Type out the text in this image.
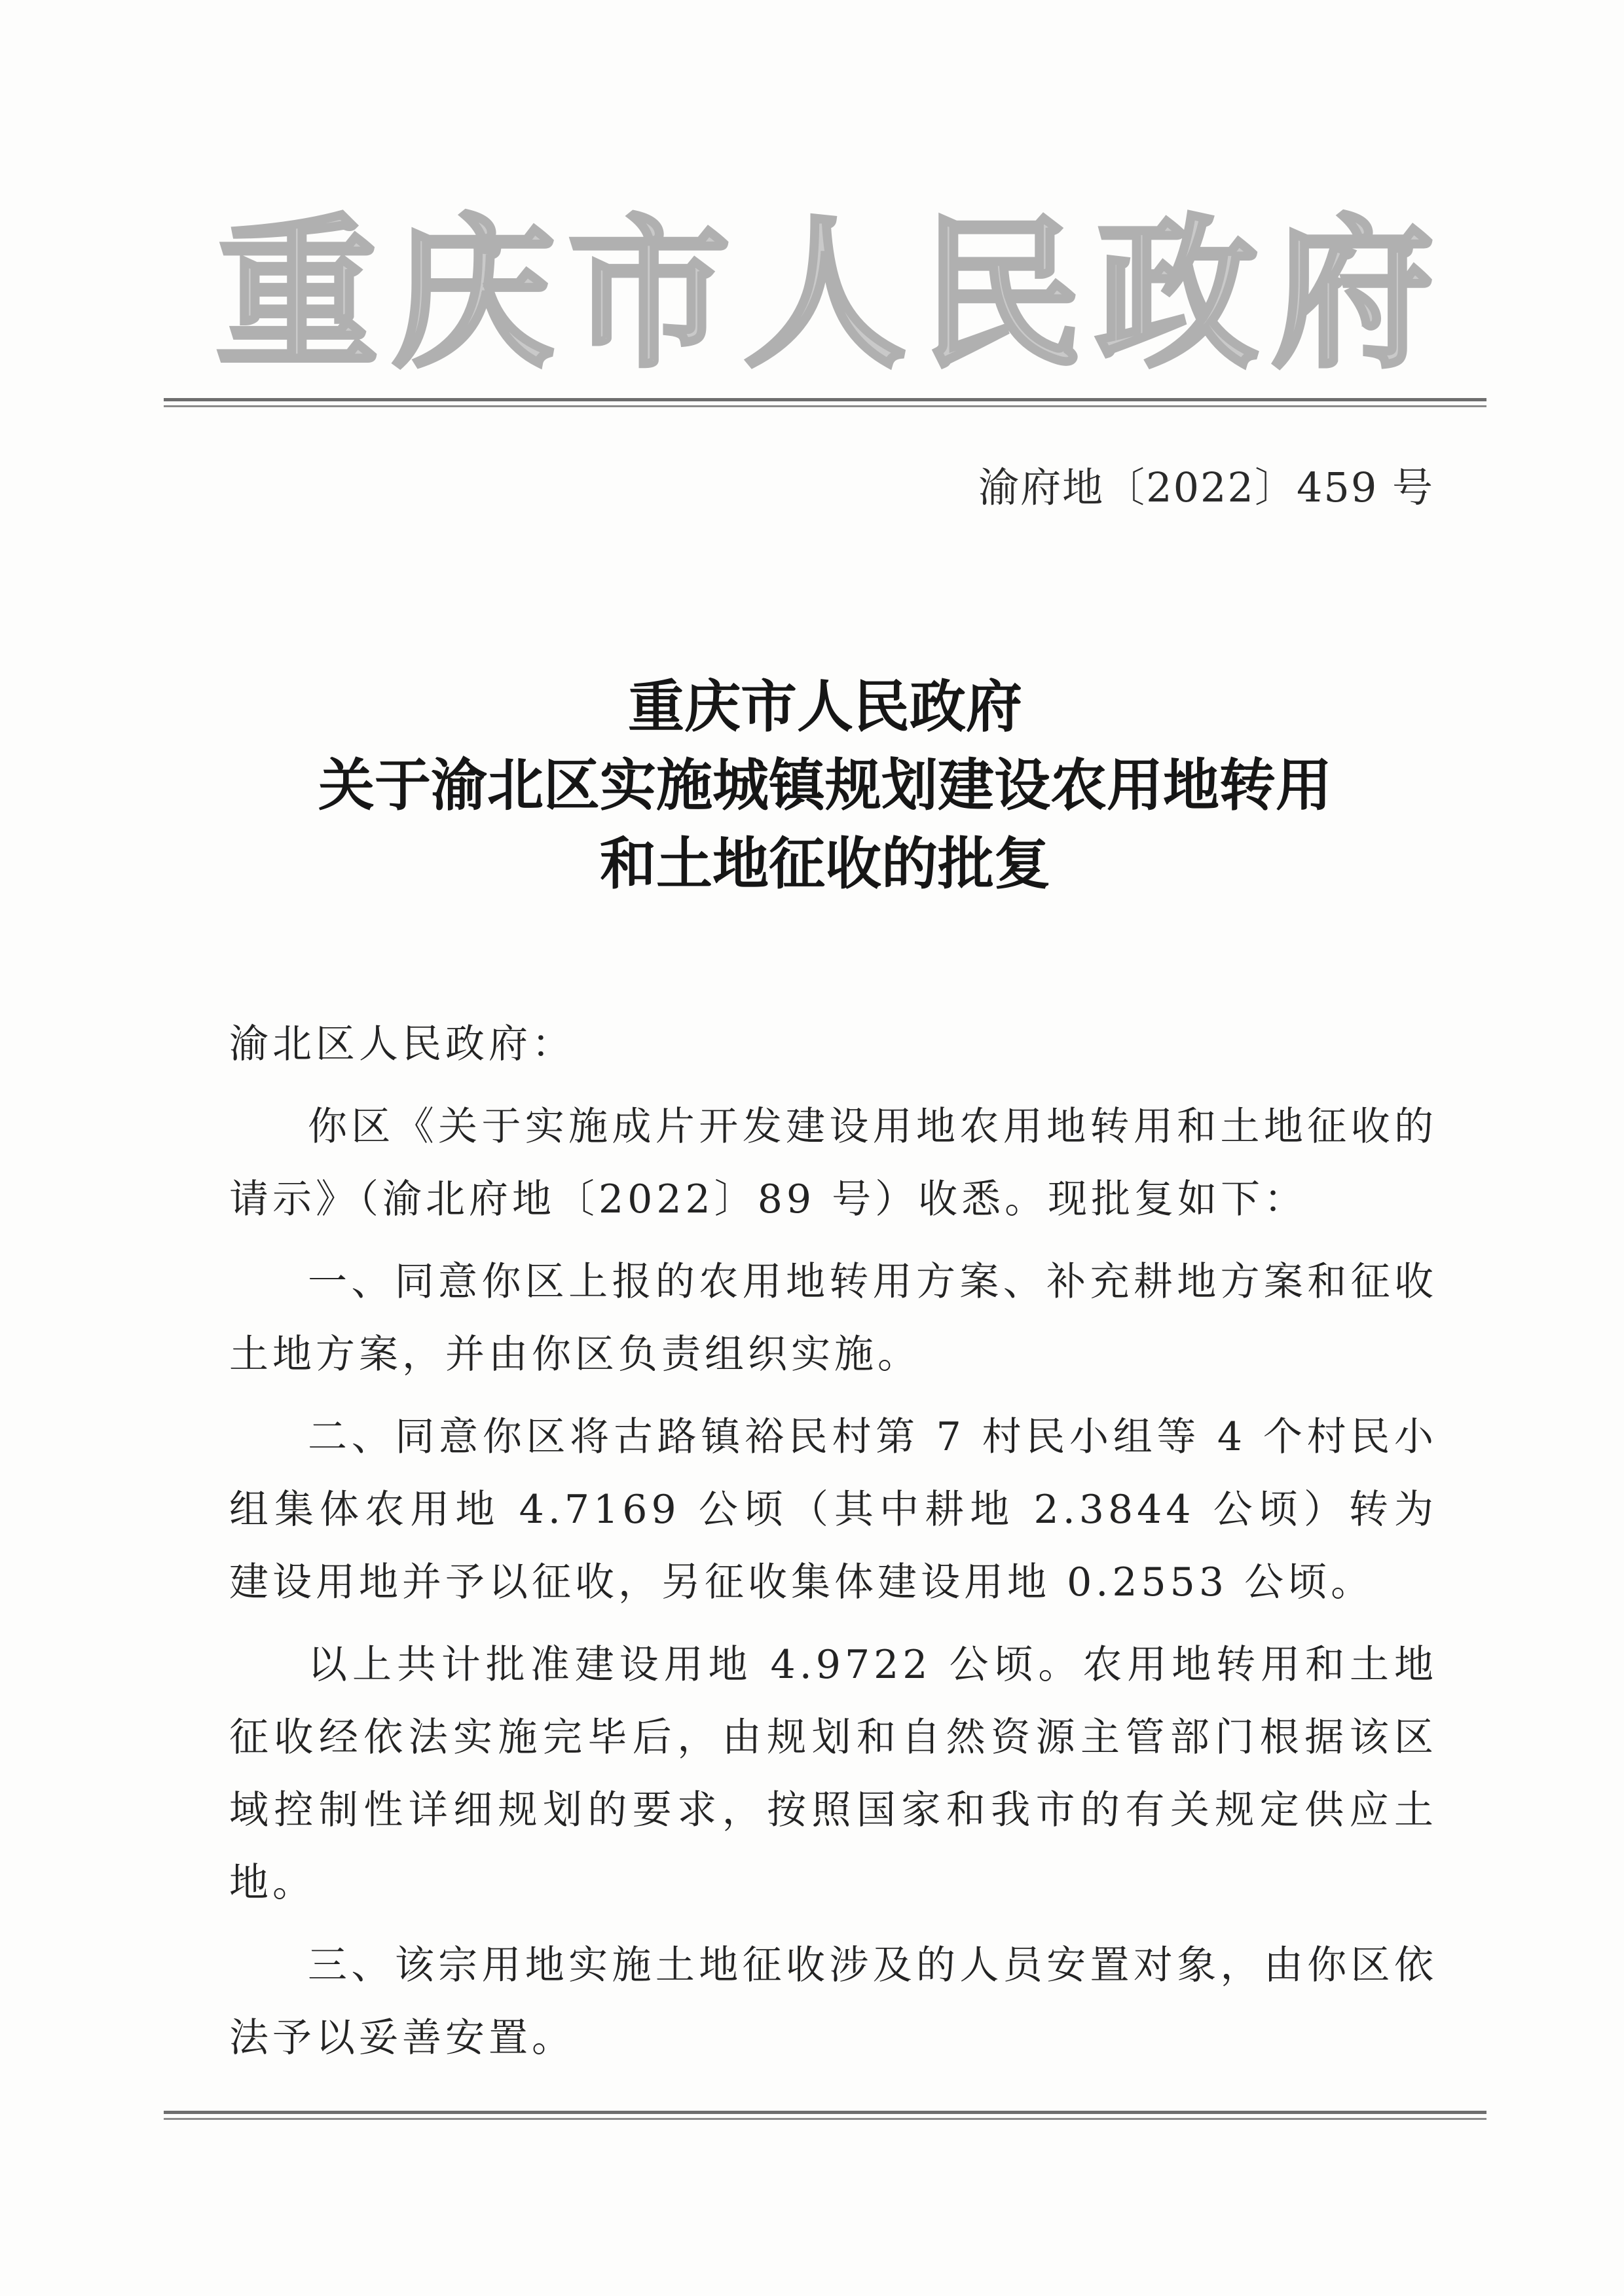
重 庆 市 人 民 政 府
渝府地〔2022〕459 号
重庆市人民政府
关于渝北区实施城镇规划建设农用地转用
和土地征收的批复

渝北区人民政府：

你区《关于实施成片开发建设用地农用地转用和土地征收的请示》（渝北府地〔2022〕89 号）收悉。现批复如下：

一、同意你区上报的农用地转用方案、补充耕地方案和征收土地方案，并由你区负责组织实施。

二、同意你区将古路镇裕民村第 7 村民小组等 4 个村民小组集体农用地 4.7169 公顷（其中耕地 2.3844 公顷）转为建设用地并予以征收，另征收集体建设用地 0.2553 公顷。

以上共计批准建设用地 4.9722 公顷。农用地转用和土地征收经依法实施完毕后，由规划和自然资源主管部门根据该区域控制性详细规划的要求，按照国家和我市的有关规定供应土地。

三、该宗用地实施土地征收涉及的人员安置对象，由你区依法予以妥善安置。
